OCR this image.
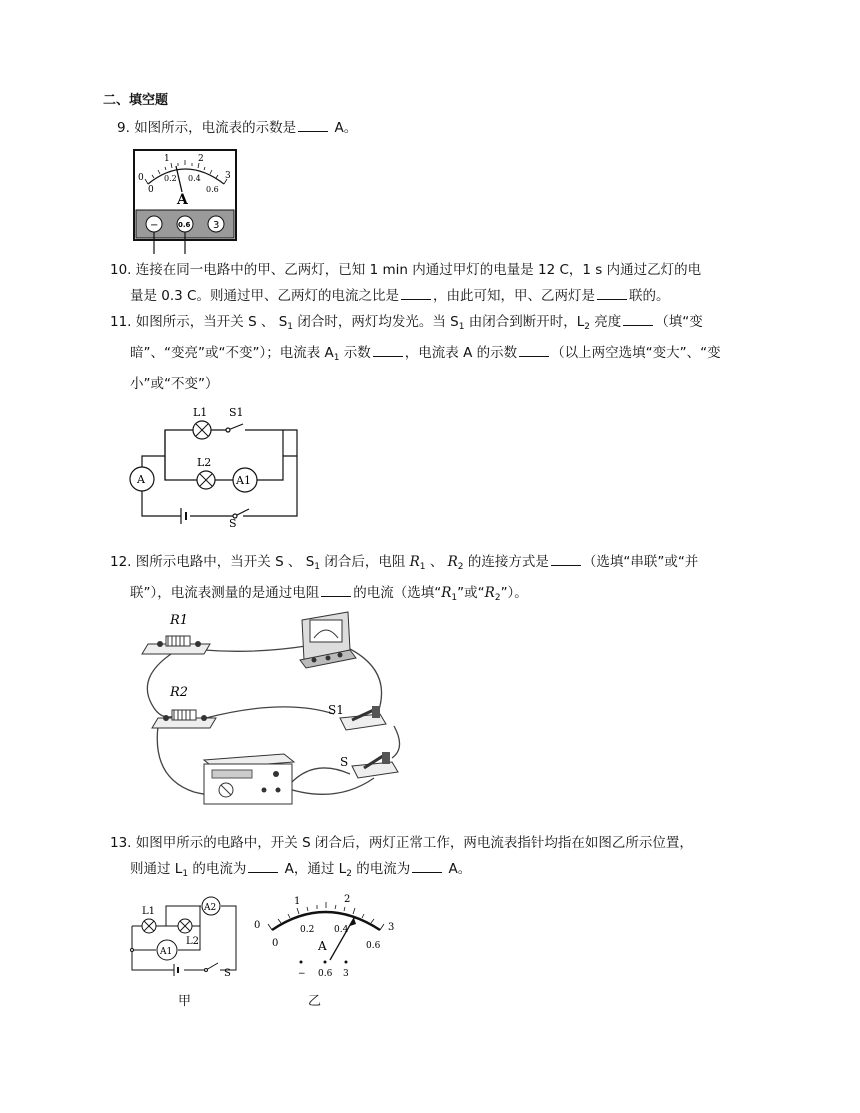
二、填空题
9. 如图所示，电流表的示数是	A。
0
1	2
3
0
0.2 0.4
0.6
A
−	0.6 3
10. 连接在同一电路中的甲、乙两灯，已知 1 min 内通过甲灯的电量是 12 C，1 s 内通过乙灯的电
量是 0.3 C。则通过甲、乙两灯的电流之比是	，由此可知，甲、乙两灯是	联的。
11. 如图所示，当开关 S 、 $S_1$ 闭合时，两灯均发光。当 $S_1$ 由闭合到断开时，$L_2$ 亮度	（填“变
暗”、“变亮”或“不变”）；电流表 $A_1$ 示数	，电流表 A 的示数	（以上两空选填“变大”、“变
小”或“不变”）
L1 S1
L2
A1
A
S
12. 图所示电路中，当开关 S 、 $S_1$ 闭合后，电阻 $R_1$ 、 $R_2$ 的连接方式是	（选填“串联”或“并
联”），电流表测量的是通过电阻	的电流（选填“$R_1$”或“$R_2$”）。
R1
R2
S1
S
13. 如图甲所示的电路中，开关 S 闭合后，两灯正常工作，两电流表指针均指在如图乙所示位置，
则通过 $L_1$ 的电流为	A，通过 $L_2$ 的电流为	A。
L1
L2
A2
A1
S
0
1	2
3
0
0.2 0.4
0.6
A
− 0.6 3
甲	乙
